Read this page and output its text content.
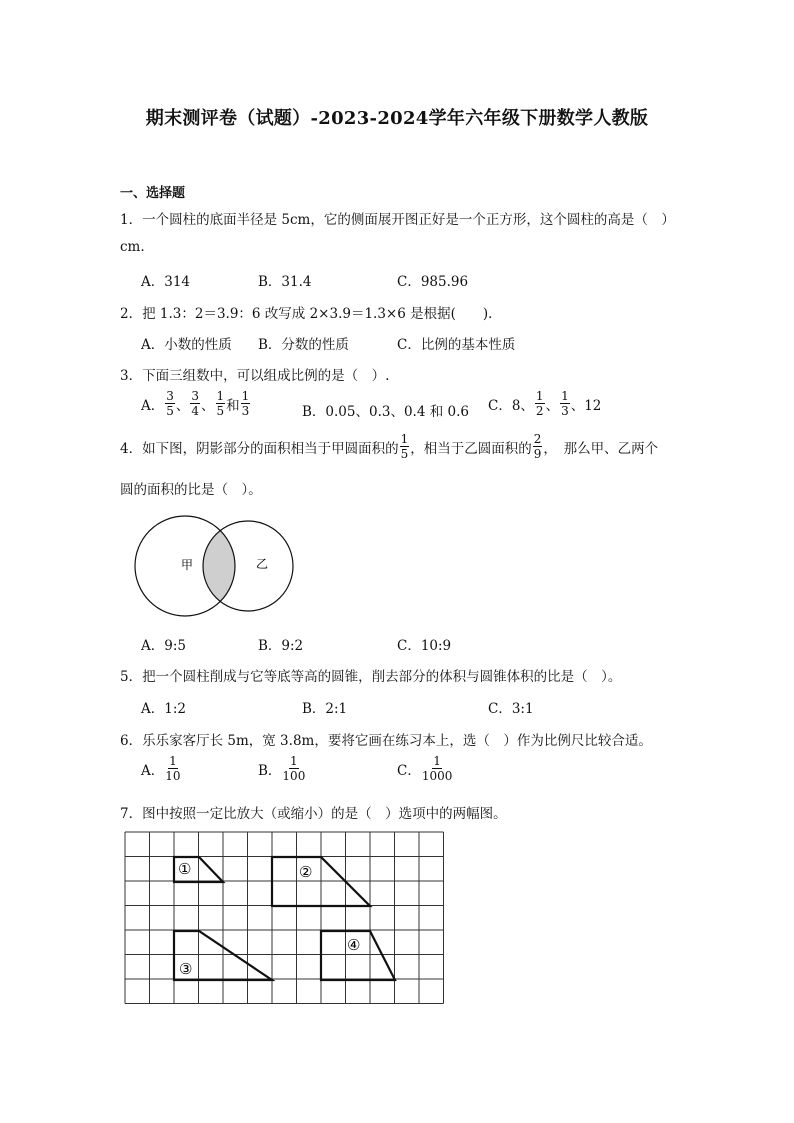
期末测评卷（试题）-2023-2024学年六年级下册数学人教版
一、选择题
1．一个圆柱的底面半径是 5cm，它的侧面展开图正好是一个正方形，这个圆柱的高是（　）
cm.
A．314	B．31.4	C．985.96
2．把 1.3：2＝3.9：6 改写成 2×3.9＝1.3×6 是根据(　　)．
A．小数的性质 B．分数的性质	C．比例的基本性质
3．下面三组数中，可以组成比例的是（　）.
A． $\frac{3}{5}$ 、 $\frac{3}{4}$ 、 $\frac{1}{5}$ 和 $\frac{1}{3}$	B．0.05、0.3、0.4 和 0.6 C．8、 $\frac{1}{2}$ 、 $\frac{1}{3}$ 、12
4．如下图，阴影部分的面积相当于甲圆面积的 $\frac{1}{5}$ ，相当于乙圆面积的 $\frac{2}{9}$ ，　那么甲、乙两个
圆的面积的比是（　）。
甲	乙
A．9:5	B．9:2	C．10:9
5．把一个圆柱削成与它等底等高的圆锥，削去部分的体积与圆锥体积的比是（　）。
A．1:2	B．2:1	C．3:1
6．乐乐家客厅长 5m，宽 3.8m，要将它画在练习本上，选（　）作为比例尺比较合适。
A． $\frac{1}{10}$	B． $\frac{1}{100}$	C． $\frac{1}{1000}$
7．图中按照一定比放大（或缩小）的是（　）选项中的两幅图。
①	②
③
④
